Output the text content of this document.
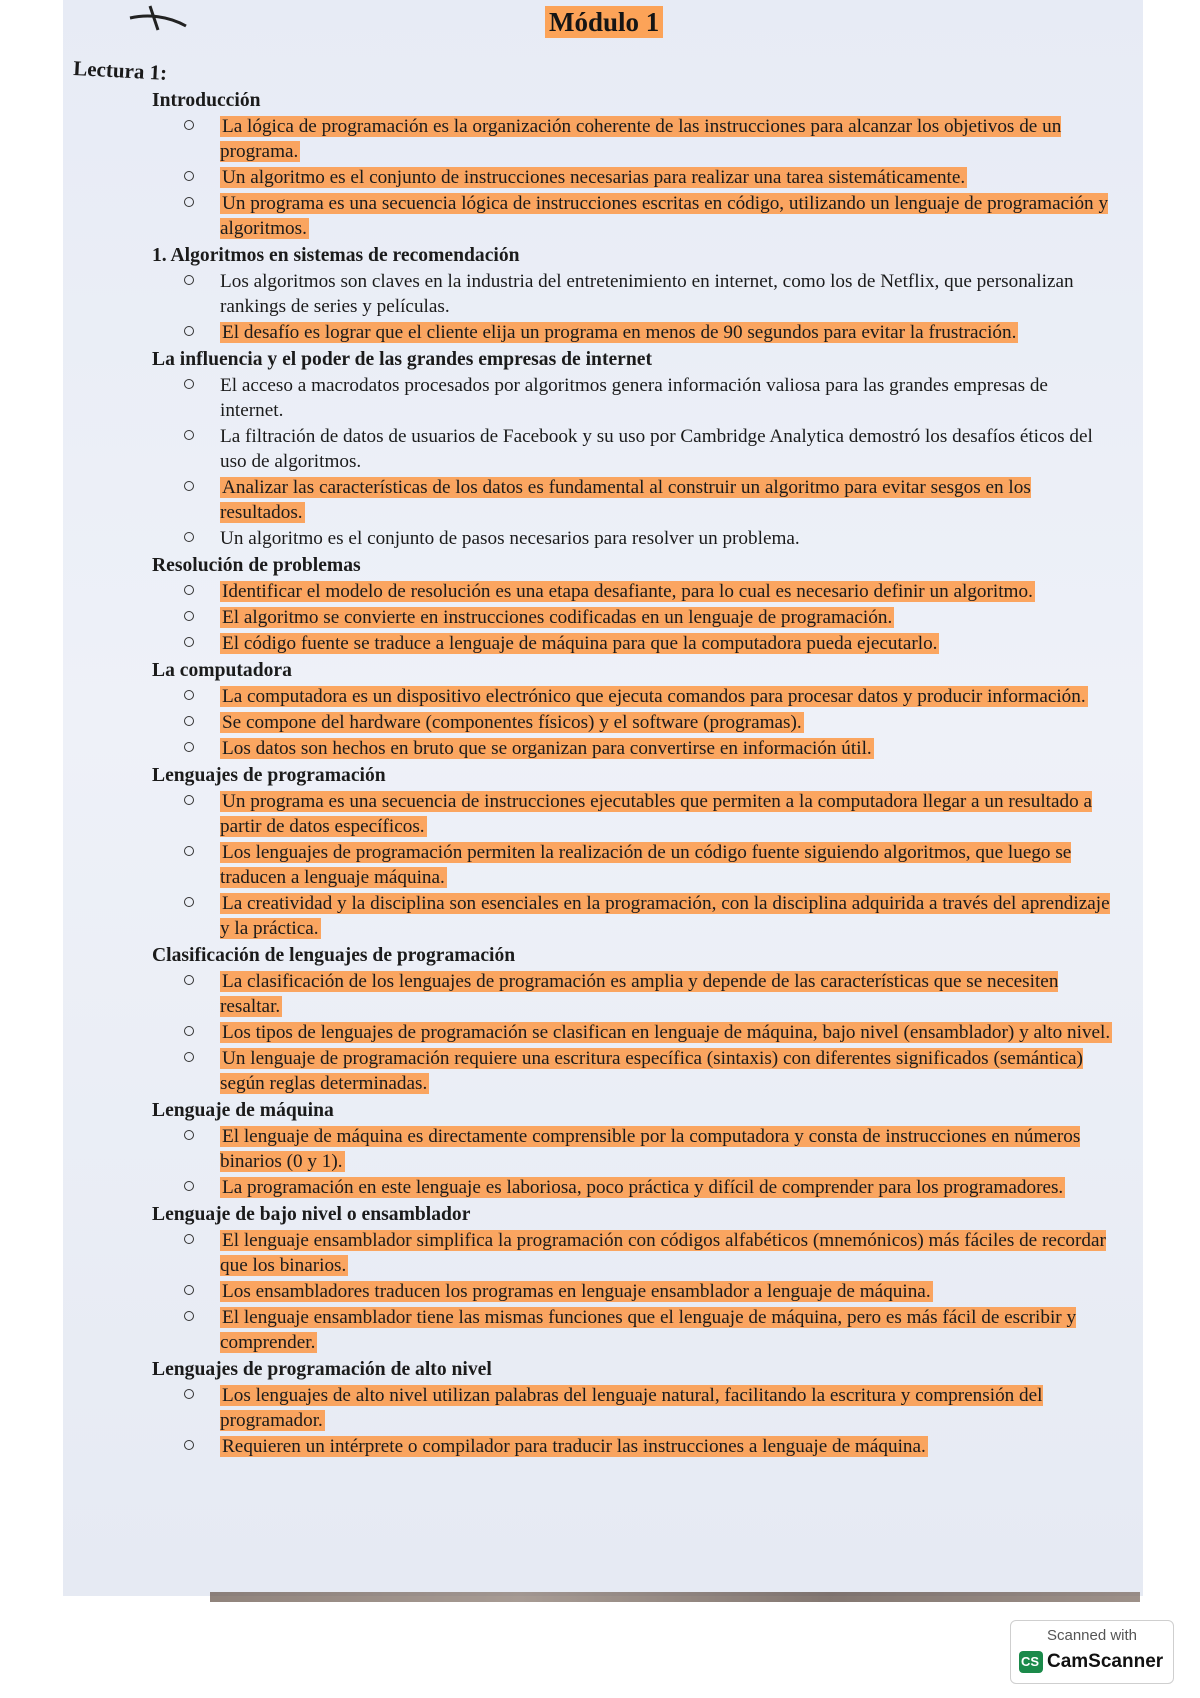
Módulo 1
Lectura 1:
Introducción
La lógica de programación es la organización coherente de las instrucciones para alcanzar los objetivos de un programa.
Un algoritmo es el conjunto de instrucciones necesarias para realizar una tarea sistemáticamente.
Un programa es una secuencia lógica de instrucciones escritas en código, utilizando un lenguaje de programación y algoritmos.
1. Algoritmos en sistemas de recomendación
Los algoritmos son claves en la industria del entretenimiento en internet, como los de Netflix, que personalizan rankings de series y películas.
El desafío es lograr que el cliente elija un programa en menos de 90 segundos para evitar la frustración.
La influencia y el poder de las grandes empresas de internet
El acceso a macrodatos procesados por algoritmos genera información valiosa para las grandes empresas de internet.
La filtración de datos de usuarios de Facebook y su uso por Cambridge Analytica demostró los desafíos éticos del uso de algoritmos.
Analizar las características de los datos es fundamental al construir un algoritmo para evitar sesgos en los resultados.
Un algoritmo es el conjunto de pasos necesarios para resolver un problema.
Resolución de problemas
Identificar el modelo de resolución es una etapa desafiante, para lo cual es necesario definir un algoritmo.
El algoritmo se convierte en instrucciones codificadas en un lenguaje de programación.
El código fuente se traduce a lenguaje de máquina para que la computadora pueda ejecutarlo.
La computadora
La computadora es un dispositivo electrónico que ejecuta comandos para procesar datos y producir información.
Se compone del hardware (componentes físicos) y el software (programas).
Los datos son hechos en bruto que se organizan para convertirse en información útil.
Lenguajes de programación
Un programa es una secuencia de instrucciones ejecutables que permiten a la computadora llegar a un resultado a partir de datos específicos.
Los lenguajes de programación permiten la realización de un código fuente siguiendo algoritmos, que luego se traducen a lenguaje máquina.
La creatividad y la disciplina son esenciales en la programación, con la disciplina adquirida a través del aprendizaje y la práctica.
Clasificación de lenguajes de programación
La clasificación de los lenguajes de programación es amplia y depende de las características que se necesiten resaltar.
Los tipos de lenguajes de programación se clasifican en lenguaje de máquina, bajo nivel (ensamblador) y alto nivel.
Un lenguaje de programación requiere una escritura específica (sintaxis) con diferentes significados (semántica) según reglas determinadas.
Lenguaje de máquina
El lenguaje de máquina es directamente comprensible por la computadora y consta de instrucciones en números binarios (0 y 1).
La programación en este lenguaje es laboriosa, poco práctica y difícil de comprender para los programadores.
Lenguaje de bajo nivel o ensamblador
El lenguaje ensamblador simplifica la programación con códigos alfabéticos (mnemónicos) más fáciles de recordar que los binarios.
Los ensambladores traducen los programas en lenguaje ensamblador a lenguaje de máquina.
El lenguaje ensamblador tiene las mismas funciones que el lenguaje de máquina, pero es más fácil de escribir y comprender.
Lenguajes de programación de alto nivel
Los lenguajes de alto nivel utilizan palabras del lenguaje natural, facilitando la escritura y comprensión del programador.
Requieren un intérprete o compilador para traducir las instrucciones a lenguaje de máquina.
Scanned with
CS CamScanner
